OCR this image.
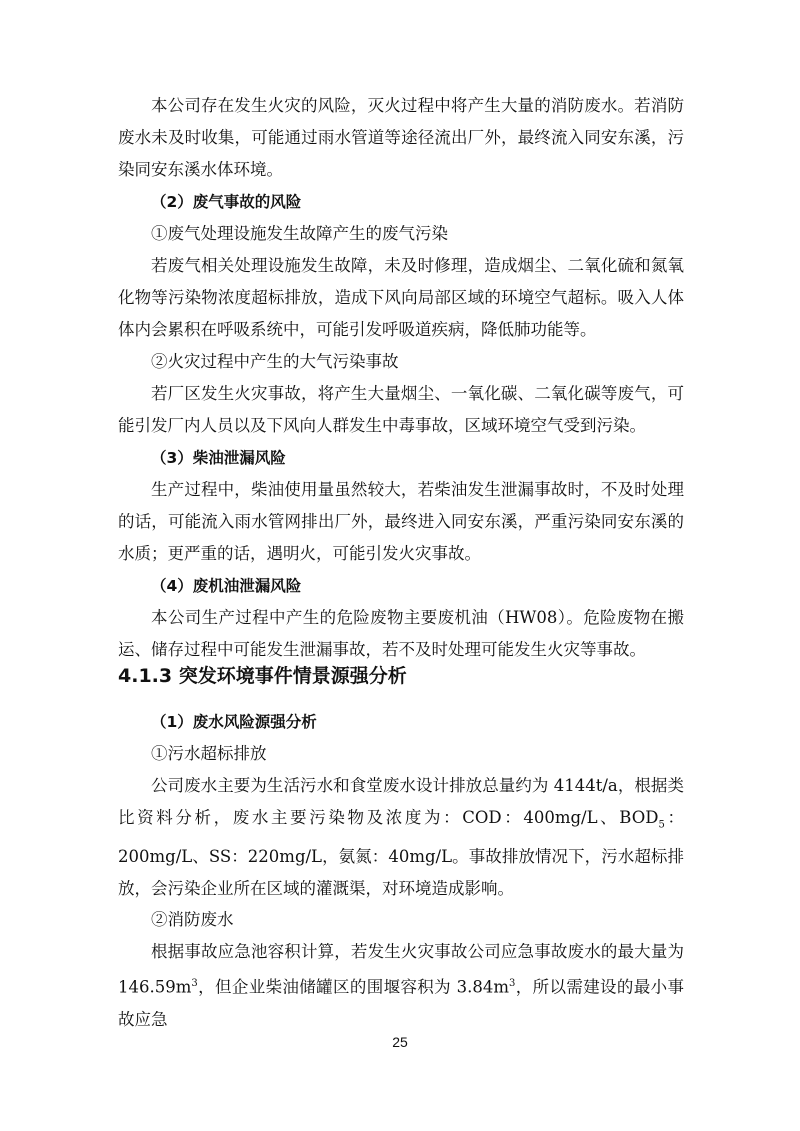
本公司存在发生火灾的风险，灭火过程中将产生大量的消防废水。若消防废水未及时收集，可能通过雨水管道等途径流出厂外，最终流入同安东溪，污染同安东溪水体环境。

（2）废气事故的风险

①废气处理设施发生故障产生的废气污染

若废气相关处理设施发生故障，未及时修理，造成烟尘、二氧化硫和氮氧化物等污染物浓度超标排放，造成下风向局部区域的环境空气超标。吸入人体体内会累积在呼吸系统中，可能引发呼吸道疾病，降低肺功能等。

②火灾过程中产生的大气污染事故

若厂区发生火灾事故，将产生大量烟尘、一氧化碳、二氧化碳等废气，可能引发厂内人员以及下风向人群发生中毒事故，区域环境空气受到污染。

（3）柴油泄漏风险

生产过程中，柴油使用量虽然较大，若柴油发生泄漏事故时，不及时处理的话，可能流入雨水管网排出厂外，最终进入同安东溪，严重污染同安东溪的水质；更严重的话，遇明火，可能引发火灾事故。

（4）废机油泄漏风险

本公司生产过程中产生的危险废物主要废机油（HW08）。危险废物在搬运、储存过程中可能发生泄漏事故，若不及时处理可能发生火灾等事故。

4.1.3 突发环境事件情景源强分析

（1）废水风险源强分析

①污水超标排放

公司废水主要为生活污水和食堂废水设计排放总量约为 4144t/a，根据类比资料分析，废水主要污染物及浓度为：COD：400mg/L、$BOD_5$：200mg/L、SS：220mg/L，氨氮：40mg/L。事故排放情况下，污水超标排放，会污染企业所在区域的灌溉渠，对环境造成影响。

②消防废水

根据事故应急池容积计算，若发生火灾事故公司应急事故废水的最大量为 $146.59m^3$，但企业柴油储罐区的围堰容积为 $3.84m^3$，所以需建设的最小事故应急

25
